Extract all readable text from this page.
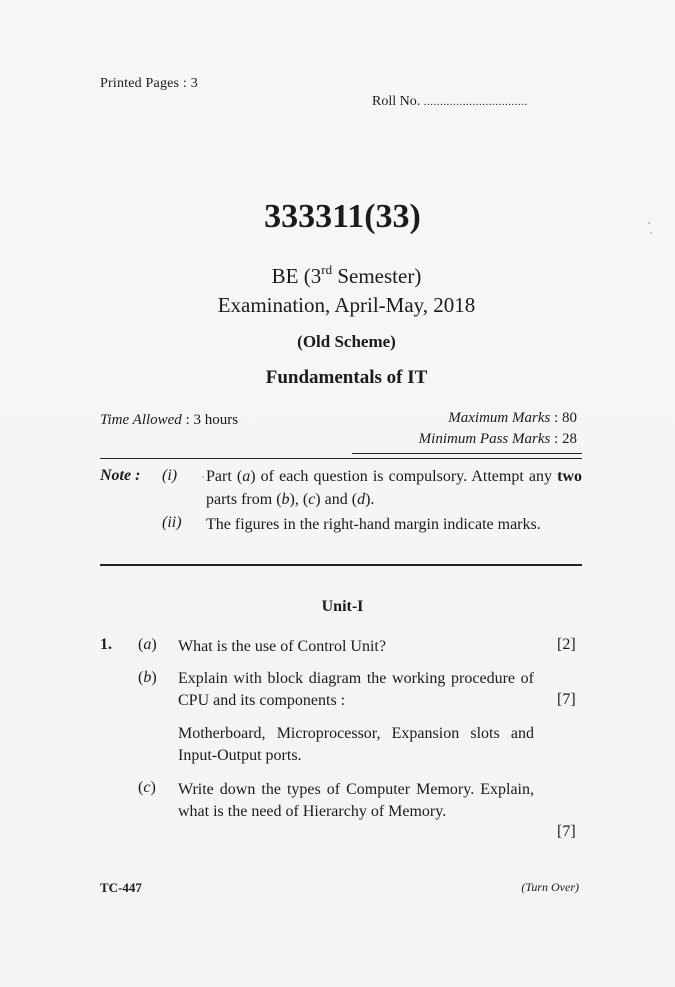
Printed Pages : 3
Roll No. ................................
333311(33)
BE (3rd Semester)
Examination, April-May, 2018
(Old Scheme)
Fundamentals of IT
Time Allowed : 3 hours	Maximum Marks : 80
Minimum Pass Marks : 28
Note : (i) Part (a) of each question is compulsory. Attempt any two parts from (b), (c) and (d).
(ii) The figures in the right-hand margin indicate marks.
Unit-I
1. (a) What is the use of Control Unit?	[2]
(b) Explain with block diagram the working procedure of CPU and its components :	[7]
Motherboard, Microprocessor, Expansion slots and Input-Output ports.
(c) Write down the types of Computer Memory. Explain, what is the need of Hierarchy of Memory.
[7]
TC-447	(Turn Over)
